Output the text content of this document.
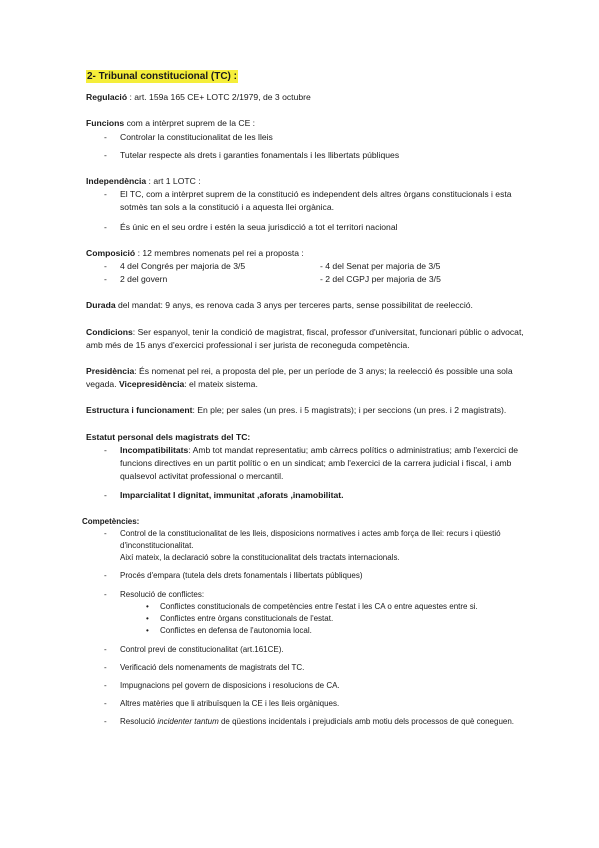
2- Tribunal constitucional (TC) :

Regulació : art. 159a 165 CE+ LOTC 2/1979, de 3 octubre

Funcions com a intèrpret suprem de la CE :

- Controlar la constitucionalitat de les lleis
- Tutelar respecte als drets i garanties fonamentals i les llibertats públiques

Independència : art 1 LOTC :

- El TC, com a intèrpret suprem de la constitució es independent dels altres òrgans constitucionals i esta sotmès tan sols a la constitució i a aquesta llei orgànica.
- És únic en el seu ordre i estén la seua jurisdicció a tot el territori nacional

Composició : 12 membres nomenats pel rei a proposta :

- 4 del Congrés per majoria de 3/5	- 4 del Senat per majoria de 3/5
- 2 del govern	- 2 del CGPJ per majoria de 3/5

Durada del mandat: 9 anys, es renova cada 3 anys per terceres parts, sense possibilitat de reelecció.

Condicions: Ser espanyol, tenir la condició de magistrat, fiscal, professor d'universitat, funcionari públic o advocat, amb més de 15 anys d'exercici professional i ser jurista de reconeguda competència.

Presidència: És nomenat pel rei, a proposta del ple, per un període de 3 anys; la reelecció és possible una sola vegada. Vicepresidència: el mateix sistema.

Estructura i funcionament: En ple; per sales (un pres. i 5 magistrats); i per seccions (un pres. i 2 magistrats).

Estatut personal dels magistrats del TC:

- Incompatibilitats: Amb tot mandat representatiu; amb càrrecs polítics o administratius; amb l'exercici de funcions directives en un partit polític o en un sindicat; amb l'exercici de la carrera judicial i fiscal, i amb qualsevol activitat professional o mercantil.
- Imparcialitat I dignitat, immunitat ,aforats ,inamobilitat.
Competències:
- Control de la constitucionalitat de les lleis, disposicions normatives i actes amb força de llei: recurs i qüestió d'inconstitucionalitat.
Així mateix, la declaració sobre la constitucionalitat dels tractats internacionals.
- Procés d'empara (tutela dels drets fonamentals i llibertats públiques)
- Resolució de conflictes:
• Conflictes constitucionals de competències entre l'estat i les CA o entre aquestes entre si.
• Conflictes entre òrgans constitucionals de l'estat.
• Conflictes en defensa de l'autonomia local.
- Control previ de constitucionalitat (art.161CE).
- Verificació dels nomenaments de magistrats del TC.
- Impugnacions pel govern de disposicions i resolucions de CA.
- Altres matèries que li atribuïsquen la CE i les lleis orgàniques.
- Resolució incidenter tantum de qüestions incidentals i prejudicials amb motiu dels processos de què coneguen.
